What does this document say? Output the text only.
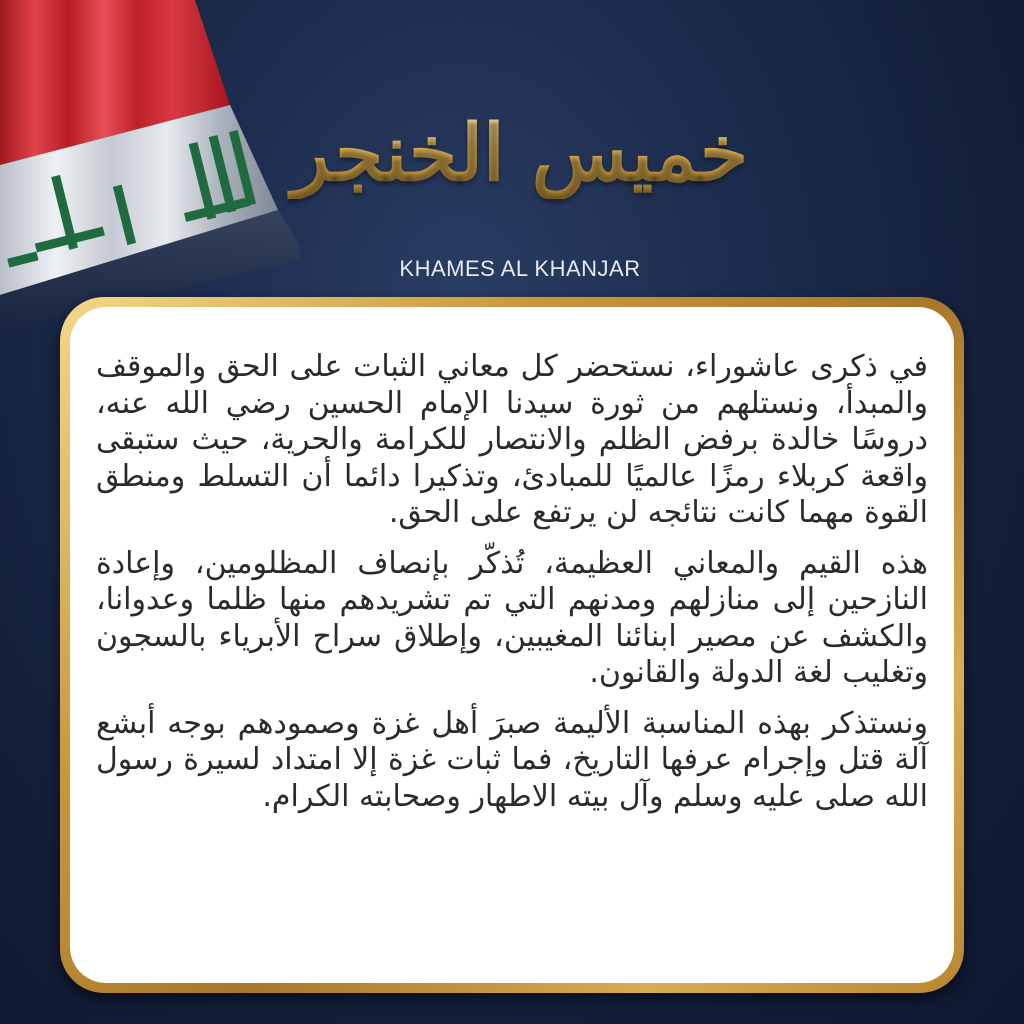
خميس الخنجر
KHAMES AL KHANJAR

في ذكرى عاشوراء، نستحضر كل معاني الثبات على الحق والموقف والمبدأ، ونستلهم من ثورة سيدنا الإمام الحسين رضي الله عنه، دروسًا خالدة برفض الظلم والانتصار للكرامة والحرية، حيث ستبقى واقعة كربلاء رمزًا عالميًا للمبادئ، وتذكيرا دائما أن التسلط ومنطق القوة مهما كانت نتائجه لن يرتفع على الحق.

هذه القيم والمعاني العظيمة، تُذكّر بإنصاف المظلومين، وإعادة النازحين إلى منازلهم ومدنهم التي تم تشريدهم منها ظلما وعدوانا، والكشف عن مصير ابنائنا المغيبين، وإطلاق سراح الأبرياء بالسجون وتغليب لغة الدولة والقانون.

ونستذكر بهذه المناسبة الأليمة صبرَ أهل غزة وصمودهم بوجه أبشع آلة قتل وإجرام عرفها التاريخ، فما ثبات غزة إلا امتداد لسيرة رسول الله صلى عليه وسلم وآل بيته الاطهار وصحابته الكرام.
